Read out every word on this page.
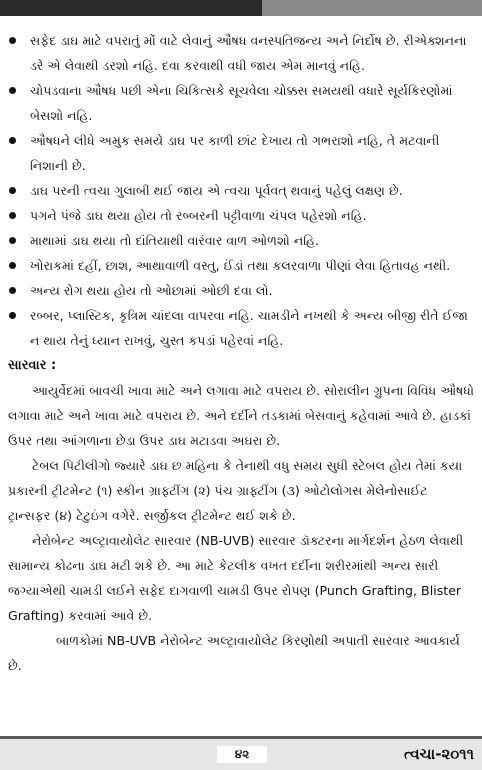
સફેદ ડાઘ માટે વપરાતું મોં વાટે લેવાનું ઔષધ વનસ્પતિજન્ય અને નિર્દોષ છે. રીએક્શનના ડરે એ લેવાથી ડરશો નહિ. દવા કરવાથી વધી જાય એમ માનવું નહિ.
ચોપડવાના ઔષધ પછી એના ચિકિત્સકે સૂચવેલા ચોક્કસ સમયથી વધારે સૂર્યકિરણોમાં બેસશો નહિ.
ઔષધને લીધે અમુક સમયે ડાઘ પર કાળી છાંટ દેખાય તો ગભરાશો નહિ, તે મટવાની નિશાની છે.
ડાઘ પરની ત્વચા ગુલાબી થઈ જાય એ ત્વચા પૂર્વવત્ થવાનું પહેલું લક્ષણ છે.
પગને પંજે ડાઘ થયા હોય તો રબ્બરની પટ્ટીવાળા ચંપલ પહેરશો નહિ.
માથામાં ડાઘ થયા તો દાંતિયાથી વારંવાર વાળ ઓળશો નહિ.
ખોરાકમાં દહીં, છાશ, આથાવાળી વસ્તુ, ઈંડાં તથા કલરવાળા પીણાં લેવા હિતાવહ નથી.
અન્ય રોગ થયા હોય તો ઓછામાં ઓછી દવા લો.
રબ્બર, પ્લાસ્ટિક, કૃત્રિમ ચાંદલા વાપરવા નહિ. ચામડીને નખથી કે અન્ય બીજી રીતે ઈજા ન થાય તેનું ધ્યાન રાખવું, ચુસ્ત કપડાં પહેરવાં નહિ.
સારવાર :

આયુર્વેદમાં બાવચી ખાવા માટે અને લગાવા માટે વપરાય છે. સોરાલીન ગ્રુપના વિવિધ ઔષધો લગાવા માટે અને ખાવા માટે વપરાય છે. અને દર્દીને તડકામાં બેસવાનું કહેવામાં આવે છે. હાડકાં ઉપર તથા આંગળાના છેડા ઉપર ડાઘ મટાડવા અઘરા છે.

ટેબલ પિટીલીગો જ્યારે ડાઘ છ મહિના કે તેનાથી વધુ સમય સુધી સ્ટેબલ હોય તેમાં કયા પ્રકારની ટ્રીટમેન્ટ (૧) સ્કીન ગ્રાફ્ટીંગ (૨) પંચ ગ્રાફ્ટીંગ (૩) ઓટોલોગસ મેલેનોસાઈટ ટ્રાન્સફર (૪) ટેટુઇંગ વગેરે. સર્જીકલ ટ્રીટમેન્ટ થઈ શકે છે.

નેરોબેન્ટ અલ્ટ્રાવાયોલેટ સારવાર (NB-UVB) સારવાર ડૉક્ટરના માર્ગદર્શન હેઠળ લેવાથી સામાન્ય કોઢના ડાઘ મટી શકે છે. આ માટે કેટલીક વખત દર્દીના શરીરમાંથી અન્ય સારી જગ્યાએથી ચામડી લઈને સફેદ દાગવાળી ચામડી ઉપર રોપણ (Punch Grafting, Blister Grafting) કરવામાં આવે છે.

બાળકોમાં NB-UVB નેરોબેન્ટ અલ્ટ્રાવાયોલેટ કિરણોથી અપાતી સારવાર આવકાર્ય છે.

૪૨	ત્વચા-૨૦૧૧
